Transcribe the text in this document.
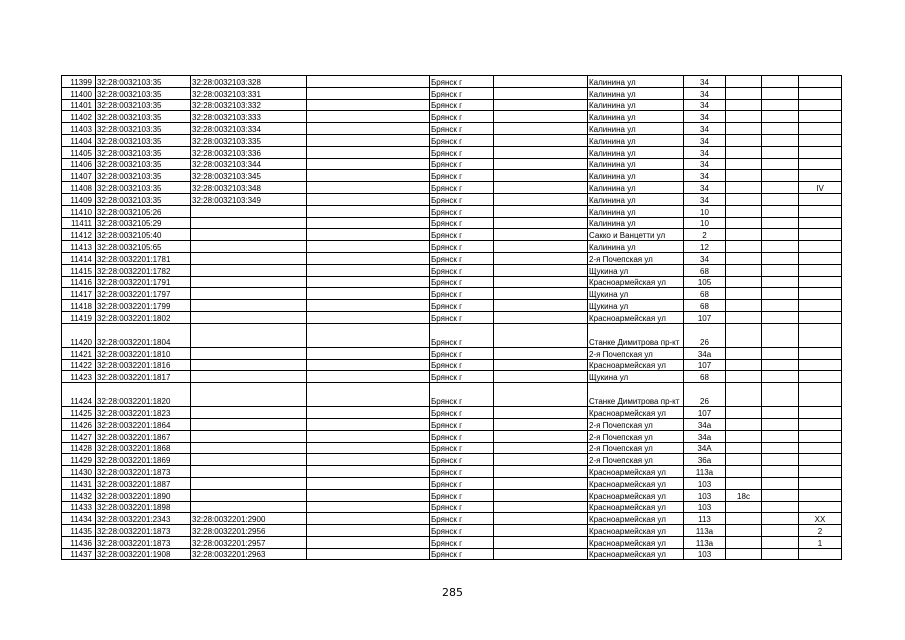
11399	32:28:0032103:35	32:28:0032103:328		Брянск г		Калинина ул	34			
11400	32:28:0032103:35	32:28:0032103:331		Брянск г		Калинина ул	34			
11401	32:28:0032103:35	32:28:0032103:332		Брянск г		Калинина ул	34			
11402	32:28:0032103:35	32:28:0032103:333		Брянск г		Калинина ул	34			
11403	32:28:0032103:35	32:28:0032103:334		Брянск г		Калинина ул	34			
11404	32:28:0032103:35	32:28:0032103:335		Брянск г		Калинина ул	34			
11405	32:28:0032103:35	32:28:0032103:336		Брянск г		Калинина ул	34			
11406	32:28:0032103:35	32:28:0032103:344		Брянск г		Калинина ул	34			
11407	32:28:0032103:35	32:28:0032103:345		Брянск г		Калинина ул	34			
11408	32:28:0032103:35	32:28:0032103:348		Брянск г		Калинина ул	34			IV
11409	32:28:0032103:35	32:28:0032103:349		Брянск г		Калинина ул	34			
11410	32:28:0032105:26			Брянск г		Калинина ул	10			
11411	32:28:0032105:29			Брянск г		Калинина ул	10			
11412	32:28:0032105:40			Брянск г		Сакко и Ванцетти ул	2			
11413	32:28:0032105:65			Брянск г		Калинина ул	12			
11414	32:28:0032201:1781			Брянск г		2-я Почепская ул	34			
11415	32:28:0032201:1782			Брянск г		Щукина ул	68			
11416	32:28:0032201:1791			Брянск г		Красноармейская ул	105			
11417	32:28:0032201:1797			Брянск г		Щукина ул	68			
11418	32:28:0032201:1799			Брянск г		Щукина ул	68			
11419	32:28:0032201:1802			Брянск г		Красноармейская ул	107			
11420	32:28:0032201:1804			Брянск г		Станке Димитрова пр-кт	26			
11421	32:28:0032201:1810			Брянск г		2-я Почепская ул	34а			
11422	32:28:0032201:1816			Брянск г		Красноармейская ул	107			
11423	32:28:0032201:1817			Брянск г		Щукина ул	68			
11424	32:28:0032201:1820			Брянск г		Станке Димитрова пр-кт	26			
11425	32:28:0032201:1823			Брянск г		Красноармейская ул	107			
11426	32:28:0032201:1864			Брянск г		2-я Почепская ул	34а			
11427	32:28:0032201:1867			Брянск г		2-я Почепская ул	34а			
11428	32:28:0032201:1868			Брянск г		2-я Почепская ул	34А			
11429	32:28:0032201:1869			Брянск г		2-я Почепская ул	36а			
11430	32:28:0032201:1873			Брянск г		Красноармейская ул	113а			
11431	32:28:0032201:1887			Брянск г		Красноармейская ул	103			
11432	32:28:0032201:1890			Брянск г		Красноармейская ул	103	18с		
11433	32:28:0032201:1898			Брянск г		Красноармейская ул	103			
11434	32:28:0032201:2343	32:28:0032201:2900		Брянск г		Красноармейская ул	113			XX
11435	32:28:0032201:1873	32:28:0032201:2956		Брянск г		Красноармейская ул	113а			2
11436	32:28:0032201:1873	32:28:0032201:2957		Брянск г		Красноармейская ул	113а			1
11437	32:28:0032201:1908	32:28:0032201:2963		Брянск г		Красноармейская ул	103			
285
